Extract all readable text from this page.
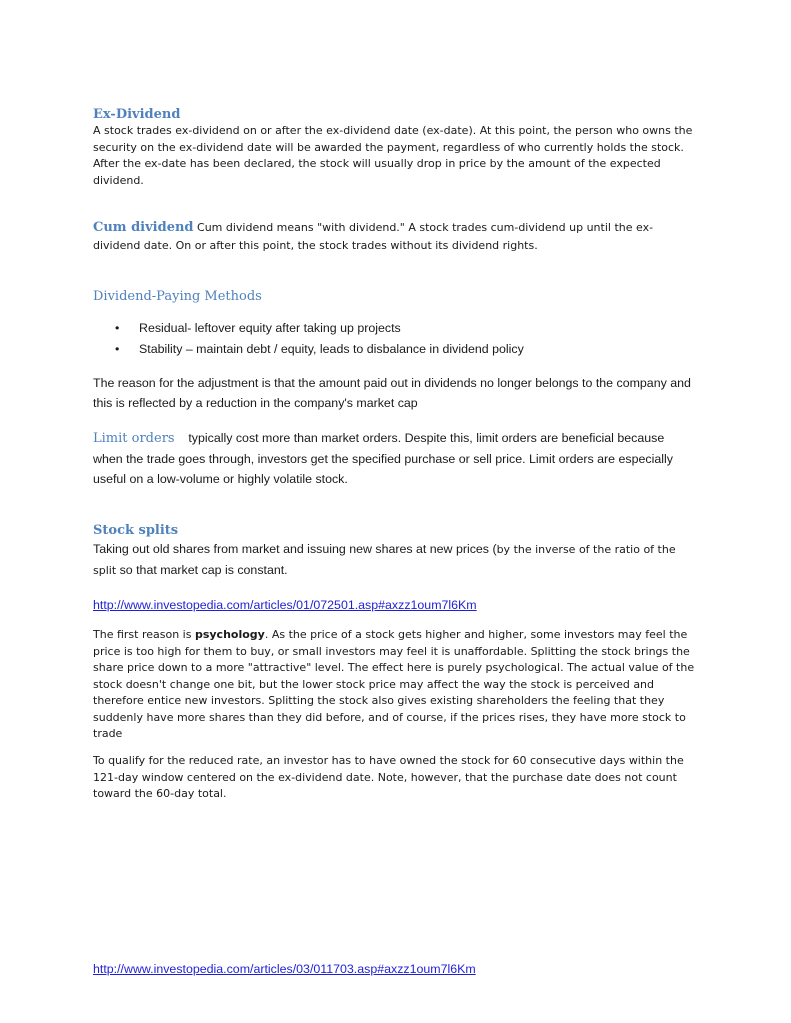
Ex-Dividend
A stock trades ex-dividend on or after the ex-dividend date (ex-date). At this point, the person who owns the security on the ex-dividend date will be awarded the payment, regardless of who currently holds the stock. After the ex-date has been declared, the stock will usually drop in price by the amount of the expected dividend.
Cum dividend Cum dividend means "with dividend." A stock trades cum-dividend up until the ex-dividend date. On or after this point, the stock trades without its dividend rights.
Dividend-Paying Methods
• Residual- leftover equity after taking up projects
• Stability – maintain debt / equity, leads to disbalance in dividend policy
The reason for the adjustment is that the amount paid out in dividends no longer belongs to the company and this is reflected by a reduction in the company's market cap
Limit orders    typically cost more than market orders. Despite this, limit orders are beneficial because when the trade goes through, investors get the specified purchase or sell price. Limit orders are especially useful on a low-volume or highly volatile stock.
Stock splits
Taking out old shares from market and issuing new shares at new prices (by the inverse of the ratio of the split so that market cap is constant.
http://www.investopedia.com/articles/01/072501.asp#axzz1oum7l6Km
The first reason is psychology. As the price of a stock gets higher and higher, some investors may feel the price is too high for them to buy, or small investors may feel it is unaffordable. Splitting the stock brings the share price down to a more "attractive" level. The effect here is purely psychological. The actual value of the stock doesn't change one bit, but the lower stock price may affect the way the stock is perceived and therefore entice new investors. Splitting the stock also gives existing shareholders the feeling that they suddenly have more shares than they did before, and of course, if the prices rises, they have more stock to trade
To qualify for the reduced rate, an investor has to have owned the stock for 60 consecutive days within the 121-day window centered on the ex-dividend date. Note, however, that the purchase date does not count toward the 60-day total.
http://www.investopedia.com/articles/03/011703.asp#axzz1oum7l6Km
